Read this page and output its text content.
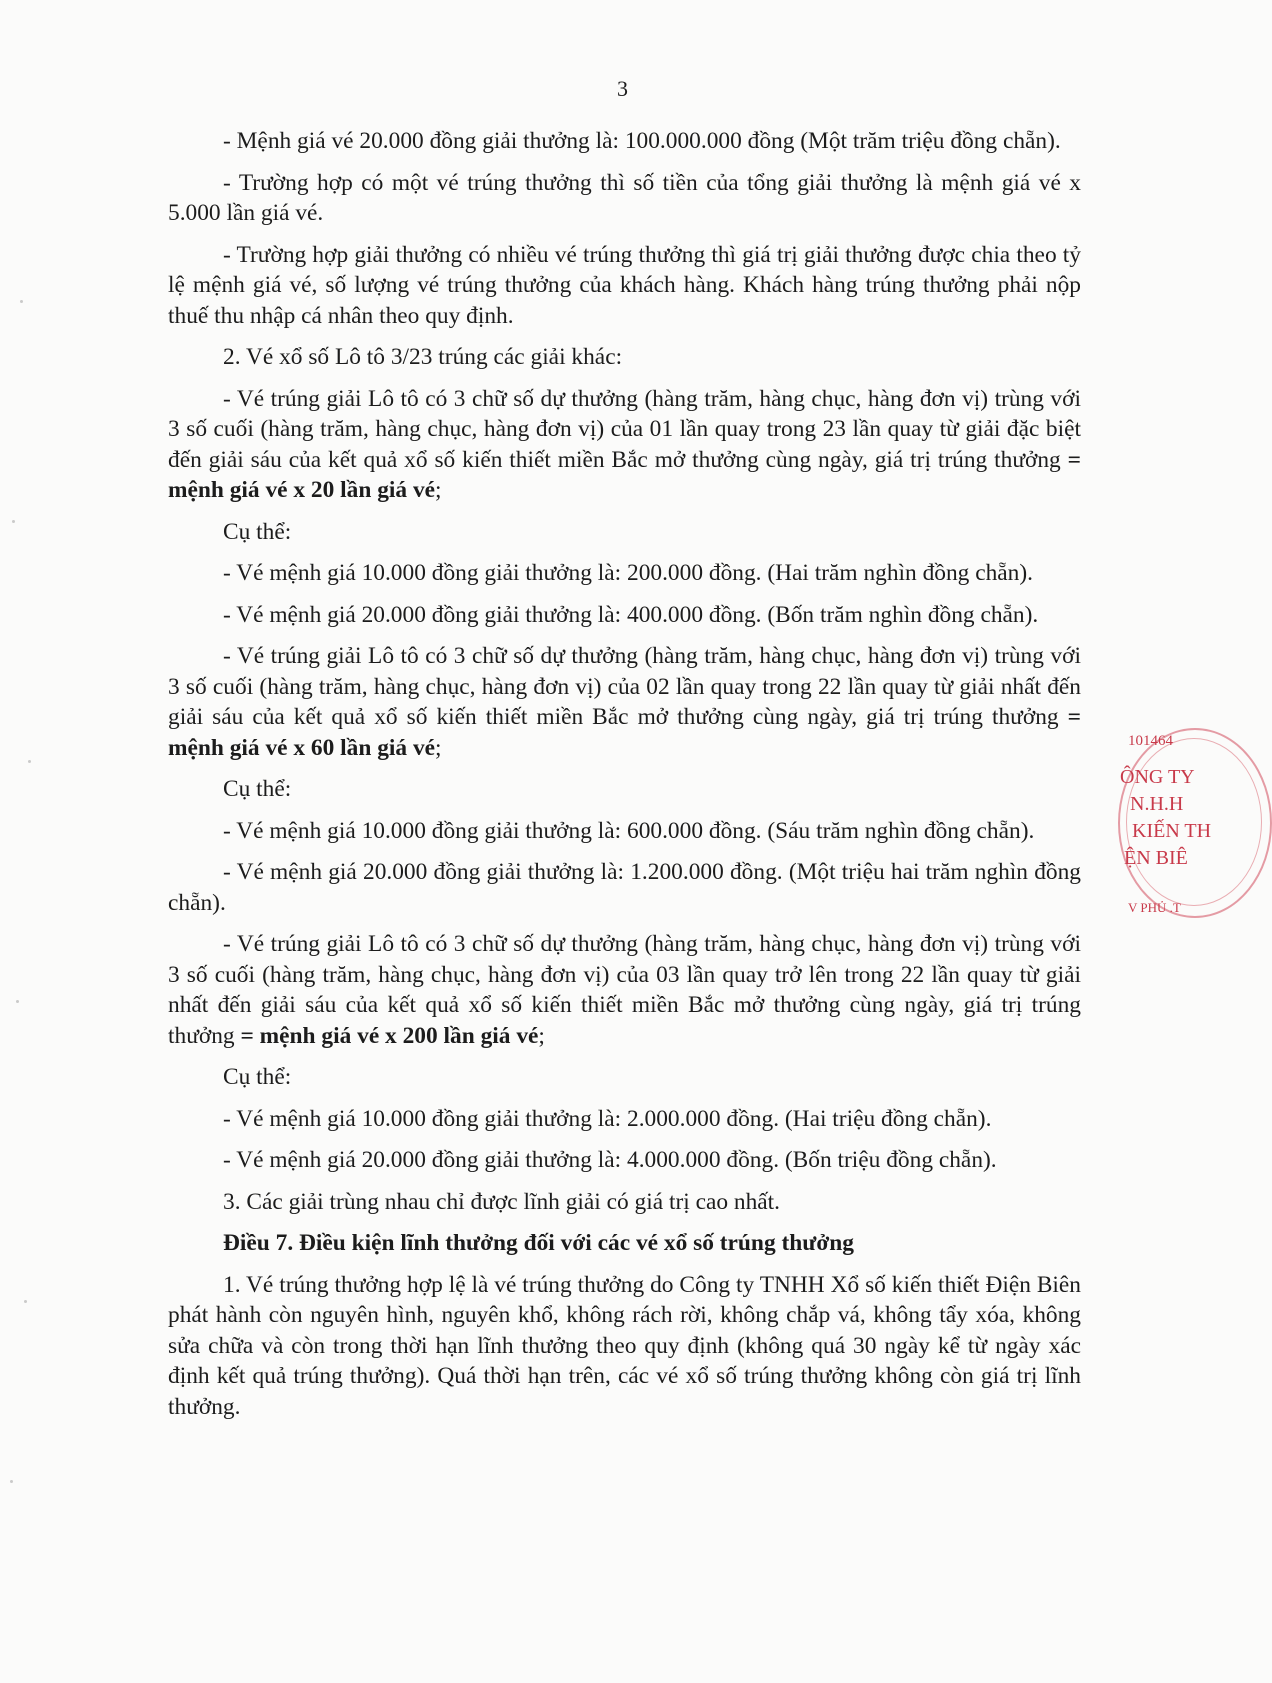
3

- Mệnh giá vé 20.000 đồng giải thưởng là: 100.000.000 đồng (Một trăm triệu đồng chẵn).

- Trường hợp có một vé trúng thưởng thì số tiền của tổng giải thưởng là mệnh giá vé x 5.000 lần giá vé.

- Trường hợp giải thưởng có nhiều vé trúng thưởng thì giá trị giải thưởng được chia theo tỷ lệ mệnh giá vé, số lượng vé trúng thưởng của khách hàng. Khách hàng trúng thưởng phải nộp thuế thu nhập cá nhân theo quy định.

2. Vé xổ số Lô tô 3/23 trúng các giải khác:

- Vé trúng giải Lô tô có 3 chữ số dự thưởng (hàng trăm, hàng chục, hàng đơn vị) trùng với 3 số cuối (hàng trăm, hàng chục, hàng đơn vị) của 01 lần quay trong 23 lần quay từ giải đặc biệt đến giải sáu của kết quả xổ số kiến thiết miền Bắc mở thưởng cùng ngày, giá trị trúng thưởng = mệnh giá vé x 20 lần giá vé;

Cụ thể:

- Vé mệnh giá 10.000 đồng giải thưởng là: 200.000 đồng. (Hai trăm nghìn đồng chẵn).

- Vé mệnh giá 20.000 đồng giải thưởng là: 400.000 đồng. (Bốn trăm nghìn đồng chẵn).

- Vé trúng giải Lô tô có 3 chữ số dự thưởng (hàng trăm, hàng chục, hàng đơn vị) trùng với 3 số cuối (hàng trăm, hàng chục, hàng đơn vị) của 02 lần quay trong 22 lần quay từ giải nhất đến giải sáu của kết quả xổ số kiến thiết miền Bắc mở thưởng cùng ngày, giá trị trúng thưởng = mệnh giá vé x 60 lần giá vé;

Cụ thể:

- Vé mệnh giá 10.000 đồng giải thưởng là: 600.000 đồng. (Sáu trăm nghìn đồng chẵn).

- Vé mệnh giá 20.000 đồng giải thưởng là: 1.200.000 đồng. (Một triệu hai trăm nghìn đồng chẵn).

- Vé trúng giải Lô tô có 3 chữ số dự thưởng (hàng trăm, hàng chục, hàng đơn vị) trùng với 3 số cuối (hàng trăm, hàng chục, hàng đơn vị) của 03 lần quay trở lên trong 22 lần quay từ giải nhất đến giải sáu của kết quả xổ số kiến thiết miền Bắc mở thưởng cùng ngày, giá trị trúng thưởng = mệnh giá vé x 200 lần giá vé;

Cụ thể:

- Vé mệnh giá 10.000 đồng giải thưởng là: 2.000.000 đồng. (Hai triệu đồng chẵn).

- Vé mệnh giá 20.000 đồng giải thưởng là: 4.000.000 đồng. (Bốn triệu đồng chẵn).

3. Các giải trùng nhau chỉ được lĩnh giải có giá trị cao nhất.

Điều 7. Điều kiện lĩnh thưởng đối với các vé xổ số trúng thưởng

1. Vé trúng thưởng hợp lệ là vé trúng thưởng do Công ty TNHH Xổ số kiến thiết Điện Biên phát hành còn nguyên hình, nguyên khổ, không rách rời, không chắp vá, không tẩy xóa, không sửa chữa và còn trong thời hạn lĩnh thưởng theo quy định (không quá 30 ngày kể từ ngày xác định kết quả trúng thưởng). Quá thời hạn trên, các vé xổ số trúng thưởng không còn giá trị lĩnh thưởng.

101464
ÔNG TY
N.H.H
KIẾN TH
ỆN BIÊ
V PHỦ .T
